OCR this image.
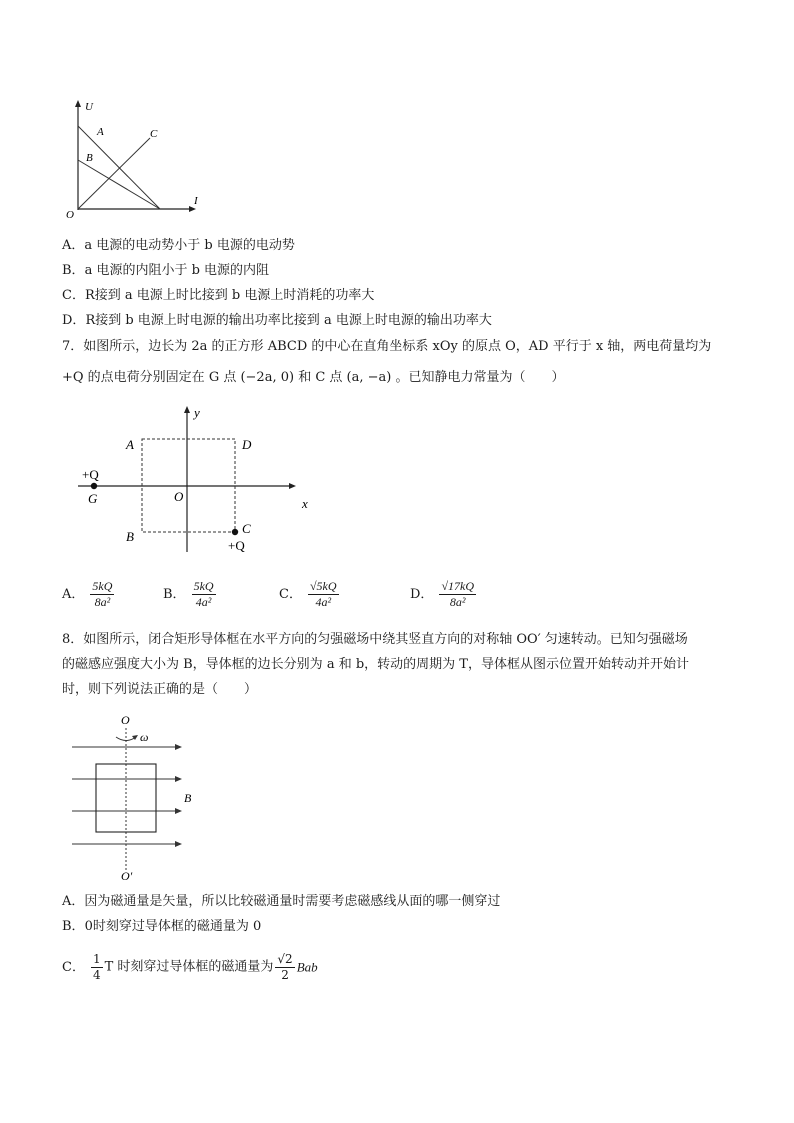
U
I
O
A
B
C
A．a 电源的电动势小于 b 电源的电动势
B．a 电源的内阻小于 b 电源的内阻
C．R接到 a 电源上时比接到 b 电源上时消耗的功率大
D．R接到 b 电源上时电源的输出功率比接到 a 电源上时电源的输出功率大
7．如图所示，边长为 2a 的正方形 ABCD 的中心在直角坐标系 xOy 的原点 O，AD 平行于 x 轴，两电荷量均为
+Q 的点电荷分别固定在 G 点 (−2a, 0) 和 C 点 (a, −a) 。已知静电力常量为（　　）
y
x
O
A	D
B
C
+Q
G
+Q
A． $\frac{5kQ}{\text{8a²}}$	B． $\frac{5kQ}{\text{4a²}}$	C． $\frac{√5kQ}{\text{4a²}}$	D． $\frac{√17kQ}{\text{8a²}}$
8．如图所示，闭合矩形导体框在水平方向的匀强磁场中绕其竖直方向的对称轴 OO′ 匀速转动。已知匀强磁场
的磁感应强度大小为 B，导体框的边长分别为 a 和 b，转动的周期为 T，导体框从图示位置开始转动并开始计
时，则下列说法正确的是（　　）
O
ω
B
O′
A．因为磁通量是矢量，所以比较磁通量时需要考虑磁感线从面的哪一侧穿过
B．0时刻穿过导体框的磁通量为 0
C． $\frac{1}{4}$ T 时刻穿过导体框的磁通量为 $\frac{√2}{2}$ Bab
